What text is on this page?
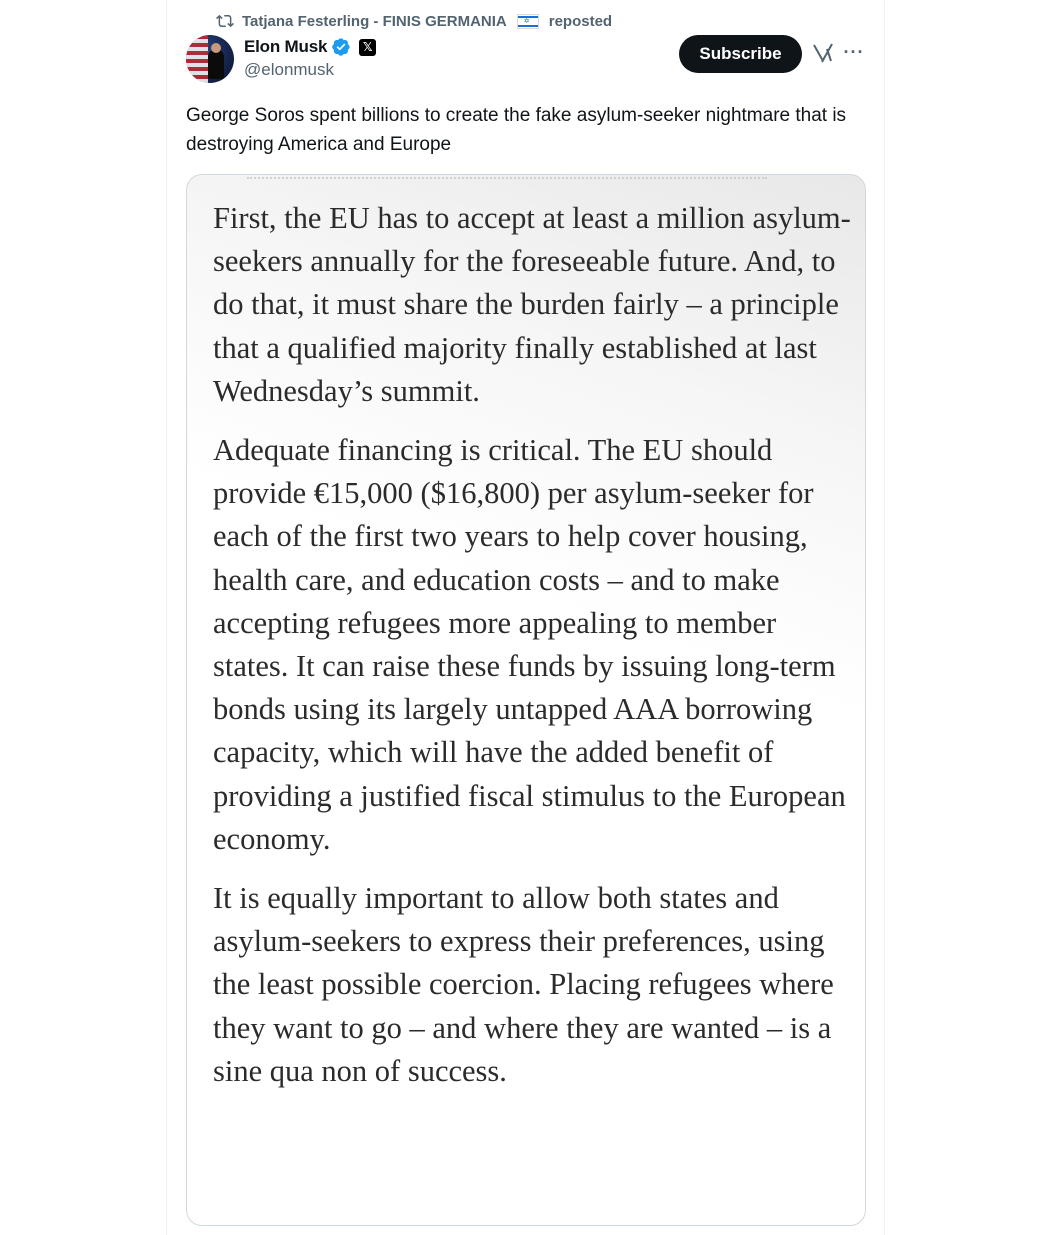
Tatjana Festerling - FINIS GERMANIA ✡ reposted
Elon Musk	𝕏
@elonmusk
Subscribe	···
George Soros spent billions to create the fake asylum-seeker nightmare that is destroying America and Europe

First, the EU has to accept at least a million asylum-seekers annually for the foreseeable future. And, to do that, it must share the burden fairly – a principle that a qualified majority finally established at last Wednesday’s summit.

Adequate financing is critical. The EU should provide €15,000 ($16,800) per asylum-seeker for each of the first two years to help cover housing, health care, and education costs – and to make accepting refugees more appealing to member states. It can raise these funds by issuing long-term bonds using its largely untapped AAA borrowing capacity, which will have the added benefit of providing a justified fiscal stimulus to the European economy.

It is equally important to allow both states and asylum-seekers to express their preferences, using the least possible coercion. Placing refugees where they want to go – and where they are wanted – is a sine qua non of success.
